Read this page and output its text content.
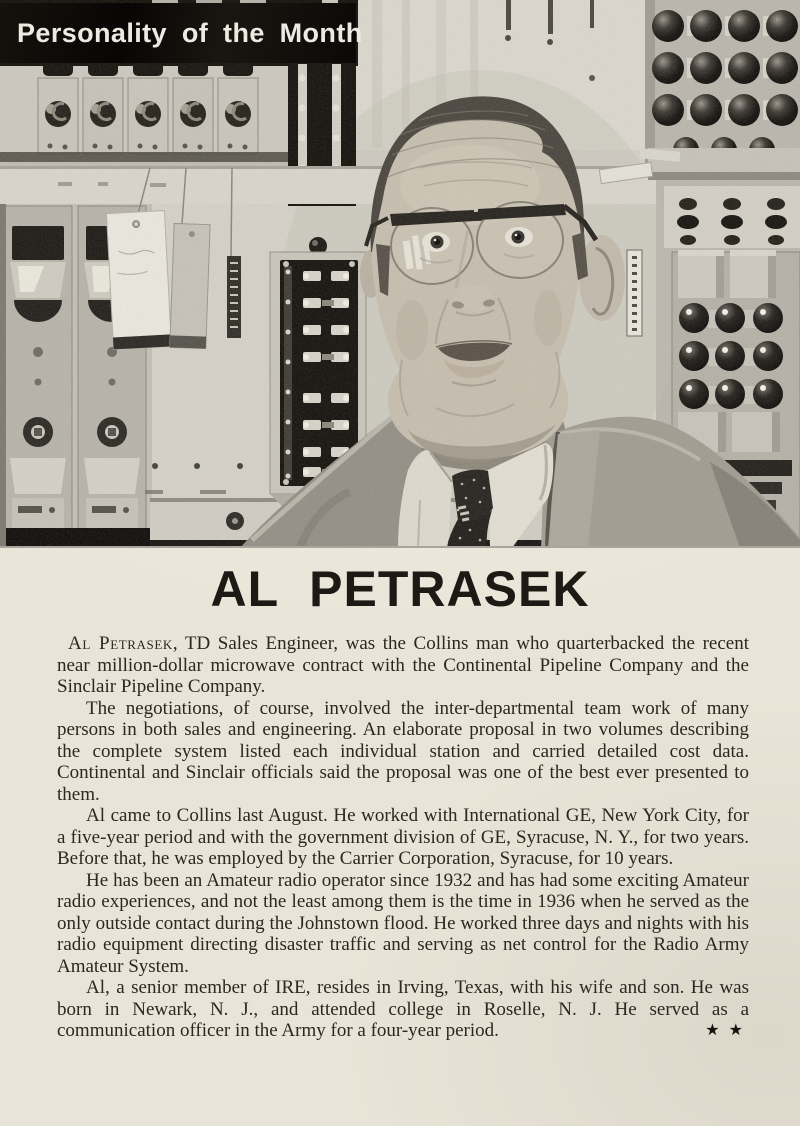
Personality of the Month
AL PETRASEK

Al Petrasek, TD Sales Engineer, was the Collins man who quarterbacked the recent near million-dollar microwave contract with the Continental Pipeline Company and the Sinclair Pipeline Company.

The negotiations, of course, involved the inter-departmental team work of many persons in both sales and engineering. An elaborate proposal in two volumes describing the complete system listed each individual station and carried detailed cost data. Continental and Sinclair officials said the proposal was one of the best ever presented to them.

Al came to Collins last August. He worked with International GE, New York City, for a five-year period and with the government division of GE, Syracuse, N. Y., for two years. Before that, he was employed by the Carrier Corporation, Syracuse, for 10 years.

He has been an Amateur radio operator since 1932 and has had some exciting Amateur radio experiences, and not the least among them is the time in 1936 when he served as the only outside contact during the Johnstown flood. He worked three days and nights with his radio equipment directing disaster traffic and serving as net control for the Radio Army Amateur System.

Al, a senior member of IRE, resides in Irving, Texas, with his wife and son. He was born in Newark, N. J., and attended college in Roselle, N. J. He served as a communication officer in the Army for a four-year period.	★ ★
